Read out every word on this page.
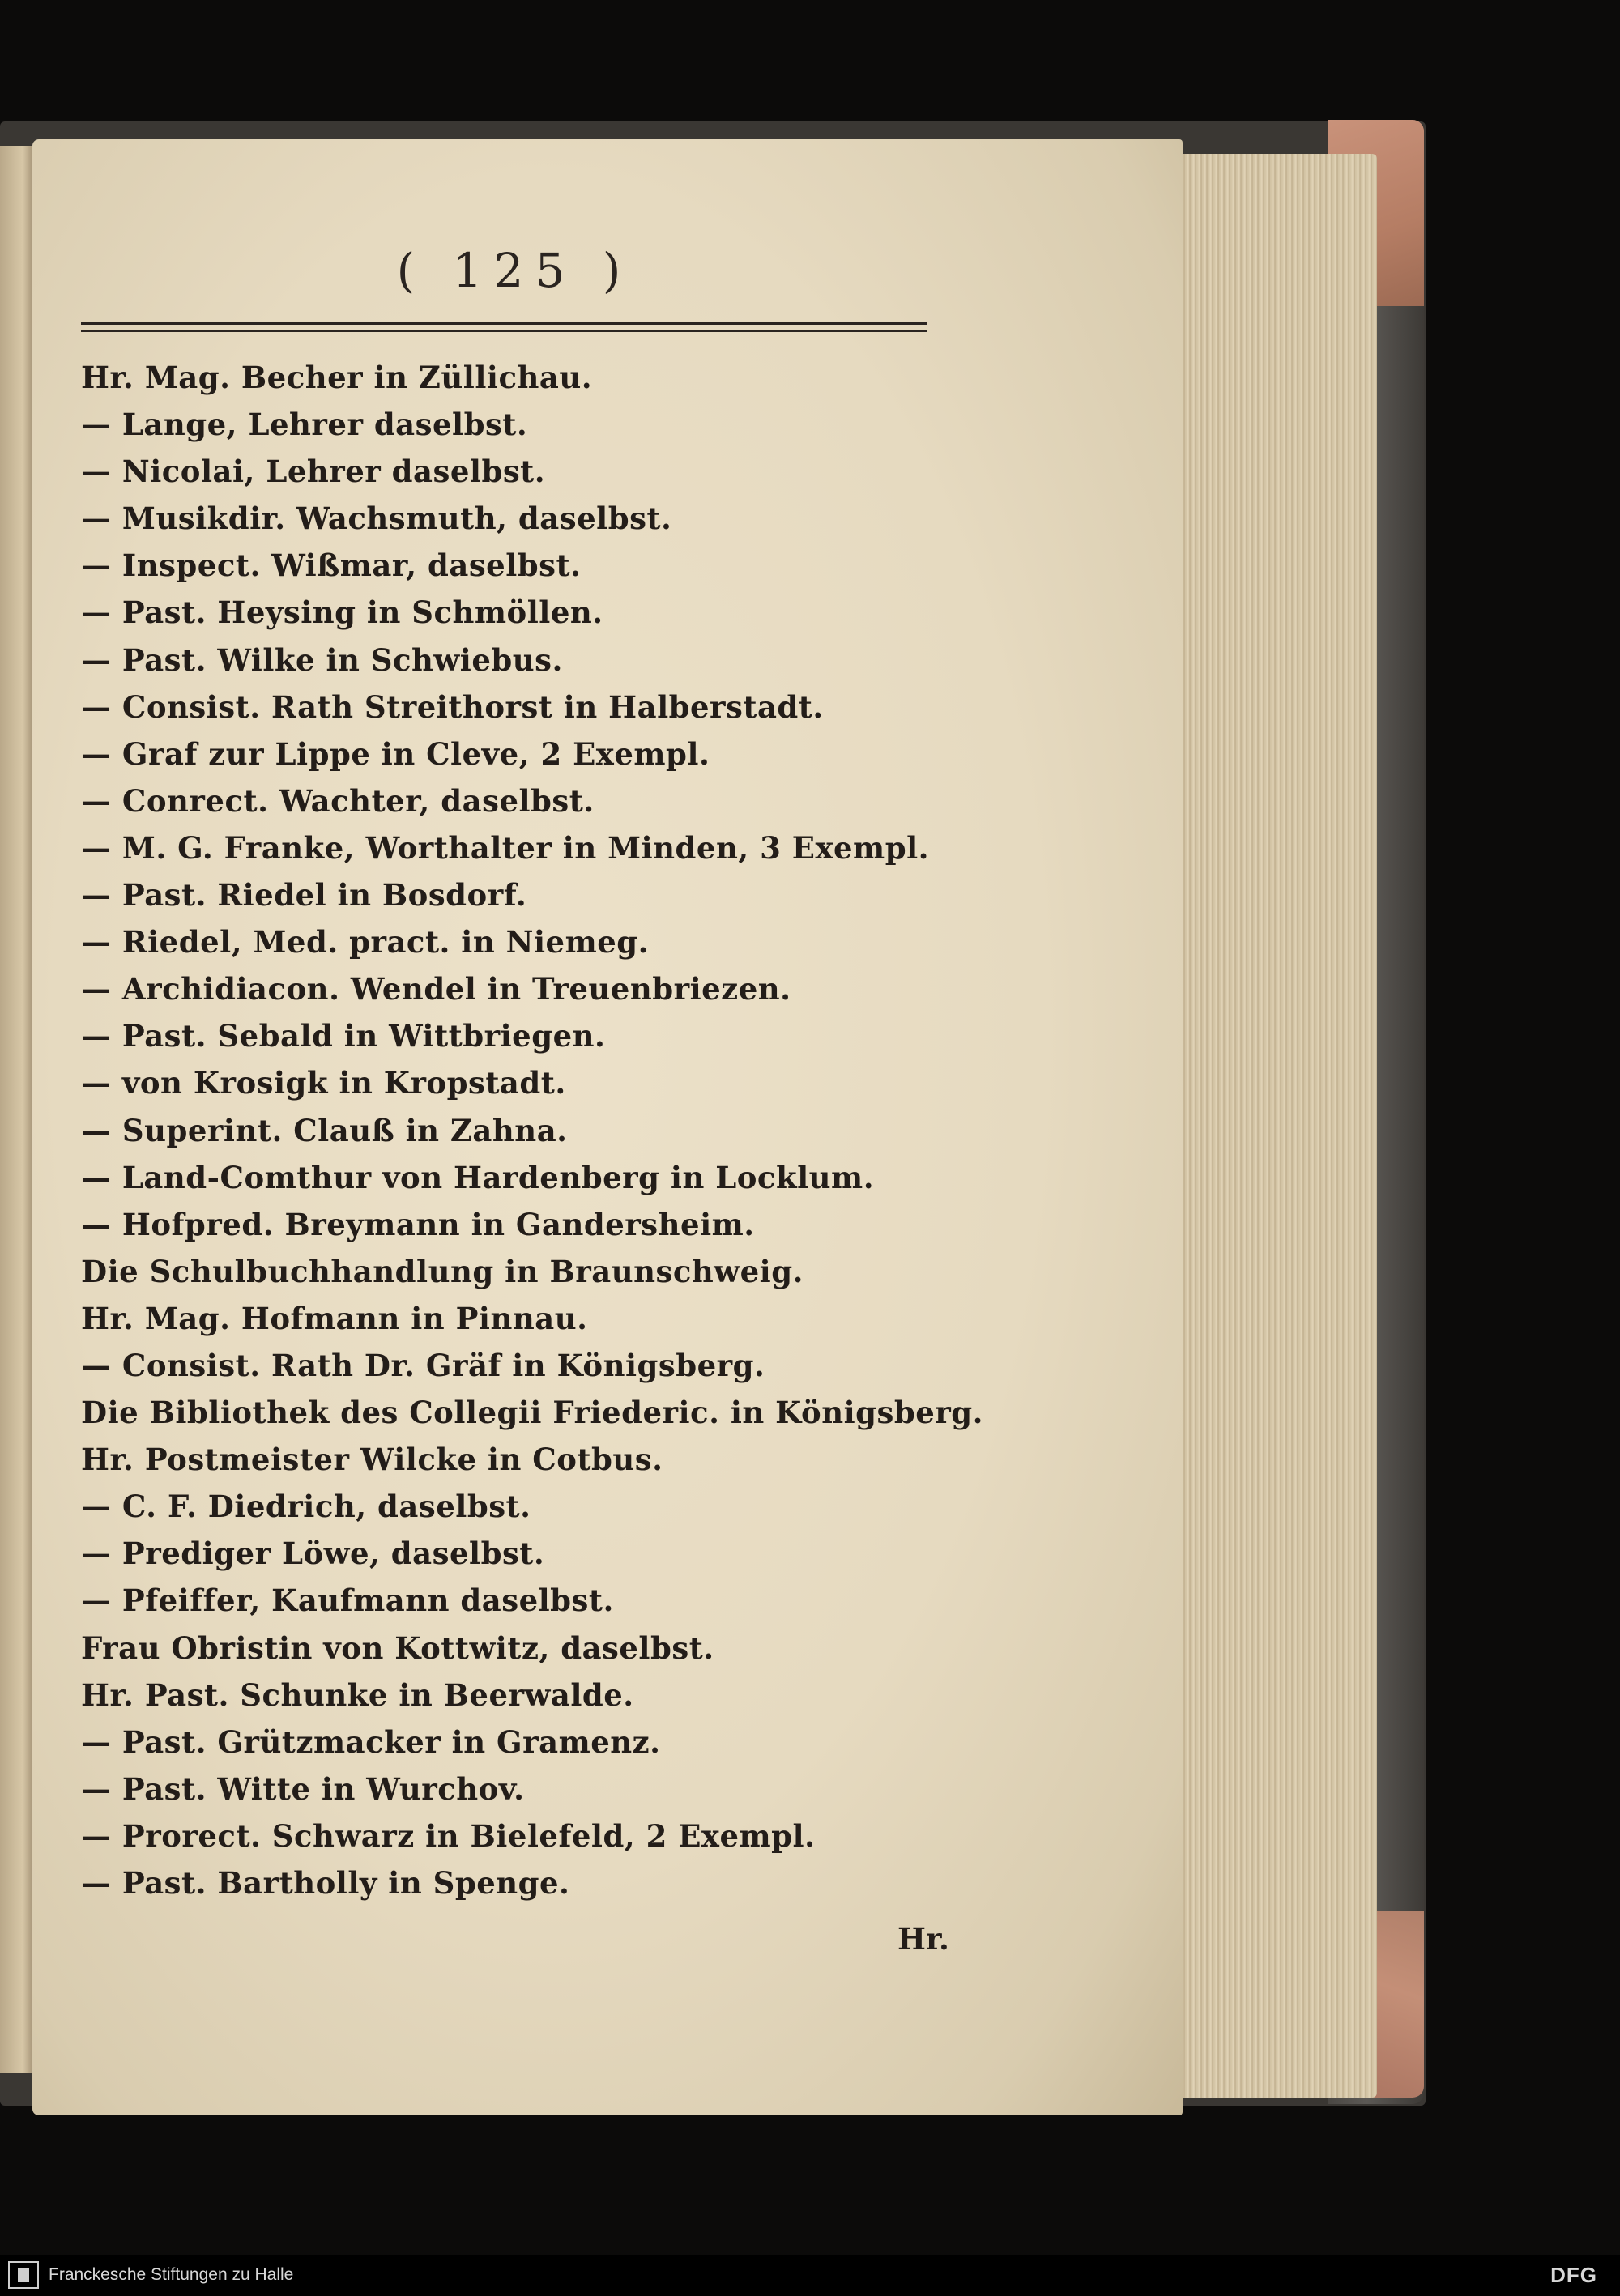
( 125 )
Hr. Mag. Becher in Züllichau.
— Lange, Lehrer daselbst.
— Nicolai, Lehrer daselbst.
— Musikdir. Wachsmuth, daselbst.
— Inspect. Wißmar, daselbst.
— Past. Heysing in Schmöllen.
— Past. Wilke in Schwiebus.
— Consist. Rath Streithorst in Halberstadt.
— Graf zur Lippe in Cleve, 2 Exempl.
— Conrect. Wachter, daselbst.
— M. G. Franke, Worthalter in Minden, 3 Exempl.
— Past. Riedel in Bosdorf.
— Riedel, Med. pract. in Niemeg.
— Archidiacon. Wendel in Treuenbriezen.
— Past. Sebald in Wittbriegen.
— von Krosigk in Kropstadt.
— Superint. Clauß in Zahna.
— Land-Comthur von Hardenberg in Locklum.
— Hofpred. Breymann in Gandersheim.
Die Schulbuchhandlung in Braunschweig.
Hr. Mag. Hofmann in Pinnau.
— Consist. Rath Dr. Gräf in Königsberg.
Die Bibliothek des Collegii Friederic. in Königsberg.
Hr. Postmeister Wilcke in Cotbus.
— C. F. Diedrich, daselbst.
— Prediger Löwe, daselbst.
— Pfeiffer, Kaufmann daselbst.
Frau Obristin von Kottwitz, daselbst.
Hr. Past. Schunke in Beerwalde.
— Past. Grützmacker in Gramenz.
— Past. Witte in Wurchov.
— Prorect. Schwarz in Bielefeld, 2 Exempl.
— Past. Bartholly in Spenge.
Hr.
Franckesche Stiftungen zu Halle	DFG
